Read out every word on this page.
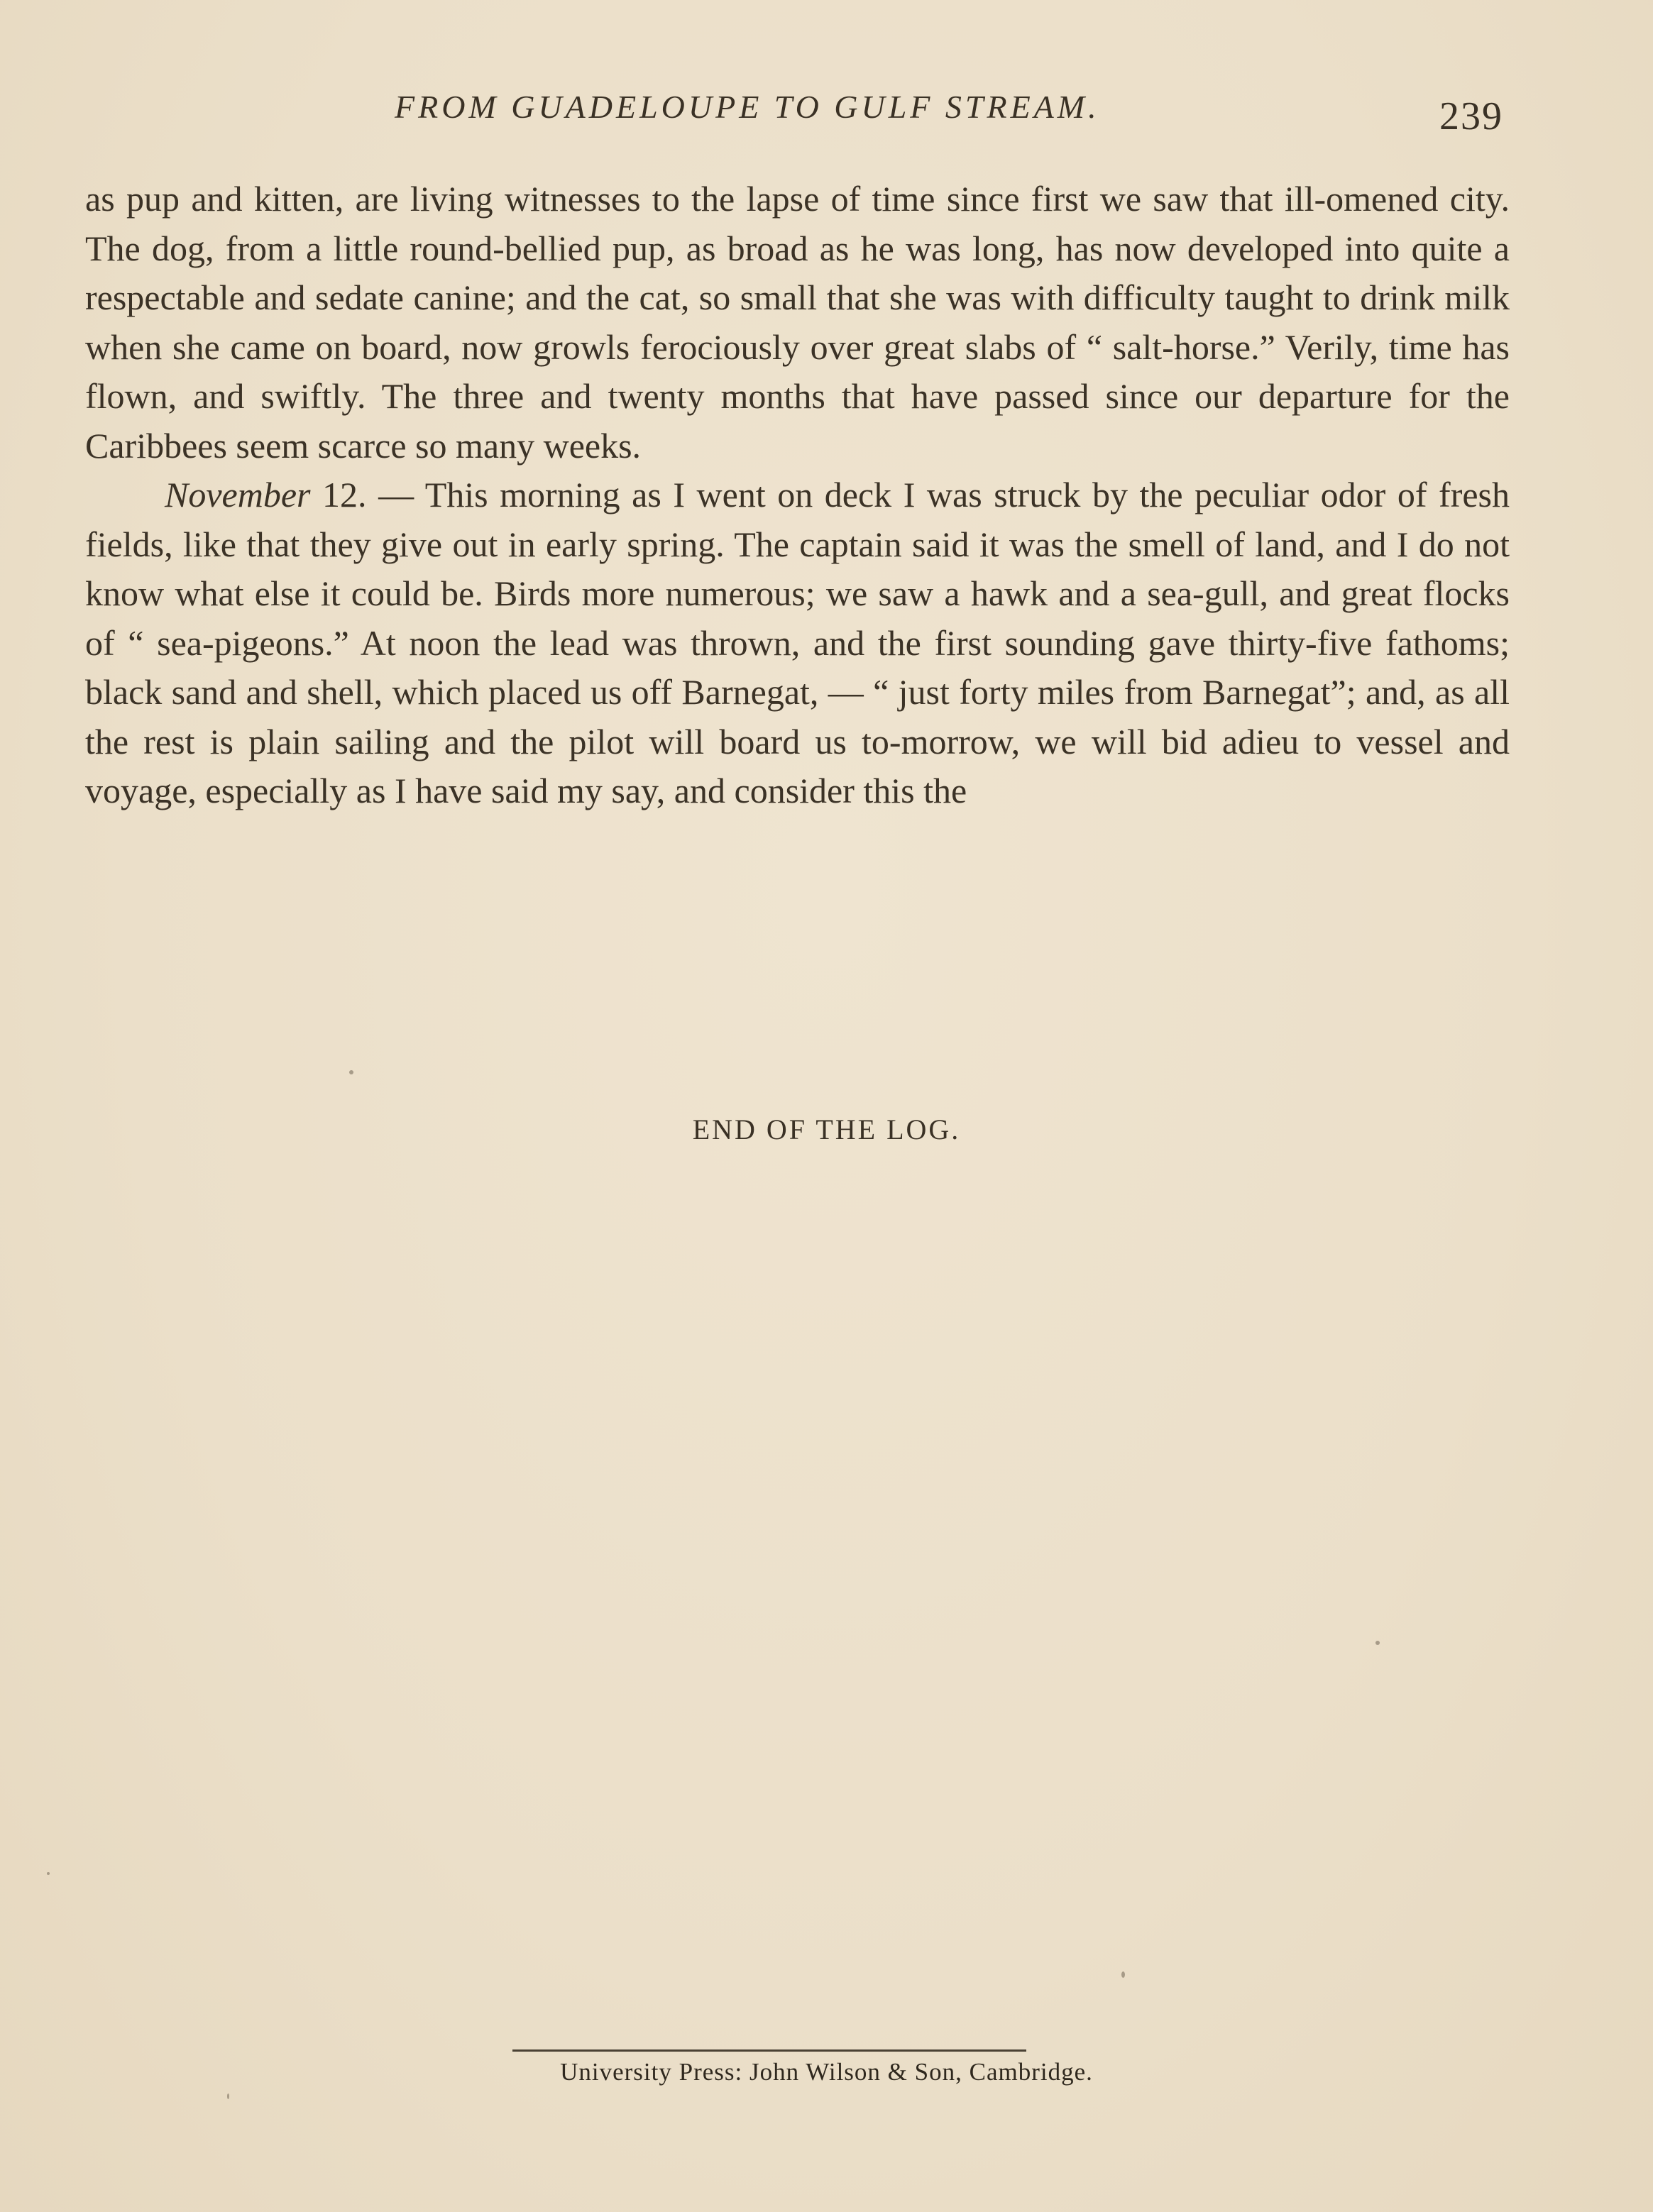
FROM GUADELOUPE TO GULF STREAM.	239

as pup and kitten, are living witnesses to the lapse of time since first we saw that ill-omened city. The dog, from a little round-bellied pup, as broad as he was long, has now developed into quite a respectable and sedate canine; and the cat, so small that she was with difficulty taught to drink milk when she came on board, now growls ferociously over great slabs of “ salt-horse.” Verily, time has flown, and swiftly. The three and twenty months that have passed since our departure for the Caribbees seem scarce so many weeks.

November 12. — This morning as I went on deck I was struck by the peculiar odor of fresh fields, like that they give out in early spring. The captain said it was the smell of land, and I do not know what else it could be. Birds more numerous; we saw a hawk and a sea-gull, and great flocks of “ sea-pigeons.” At noon the lead was thrown, and the first sounding gave thirty-five fathoms; black sand and shell, which placed us off Barnegat, — “ just forty miles from Barnegat”; and, as all the rest is plain sailing and the pilot will board us to-morrow, we will bid adieu to vessel and voyage, especially as I have said my say, and consider this the

END OF THE LOG.
University Press: John Wilson & Son, Cambridge.
